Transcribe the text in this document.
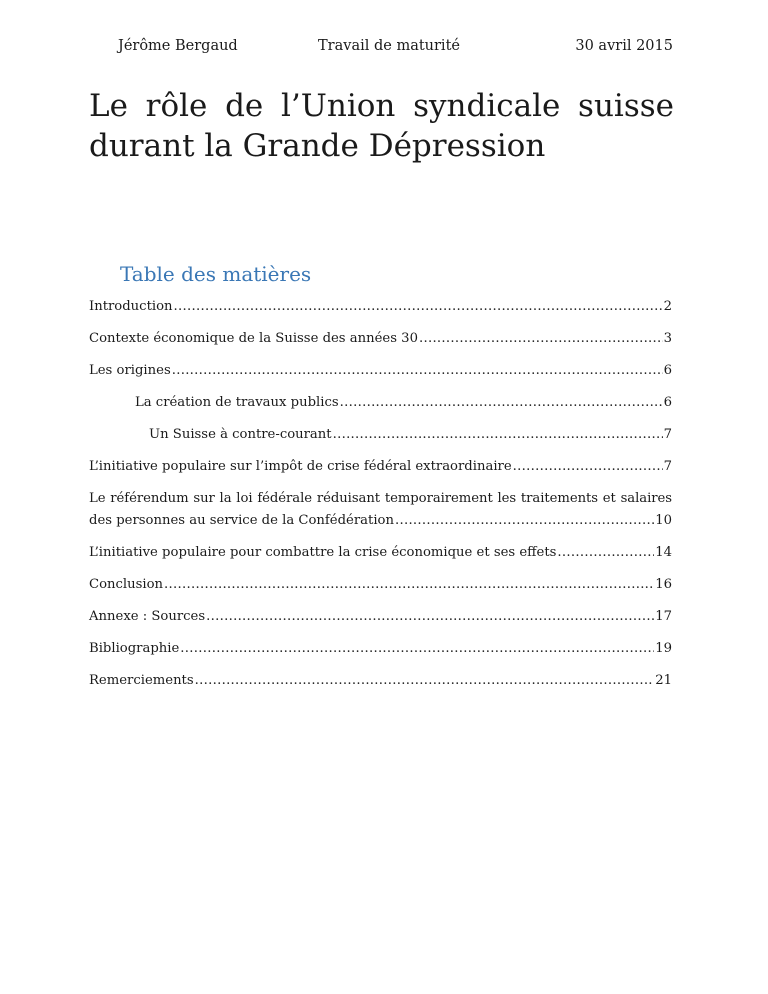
Jérôme Bergaud	Travail de maturité	30 avril 2015
Le rôle de l’Union syndicale suisse durant la Grande Dépression
Table des matières
Introduction .....	2
Contexte économique de la Suisse des années 30 .....	3
Les origines .....	6
La création de travaux publics .....	6
Un Suisse à contre-courant .....	7
L’initiative populaire sur l’impôt de crise fédéral extraordinaire .....	7
Le référendum sur la loi fédérale réduisant temporairement les traitements et salaires
des personnes au service de la Confédération .....	10
L’initiative populaire pour combattre la crise économique et ses effets .....	14
Conclusion .....	16
Annexe : Sources .....	17
Bibliographie .....	19
Remerciements .....	21
